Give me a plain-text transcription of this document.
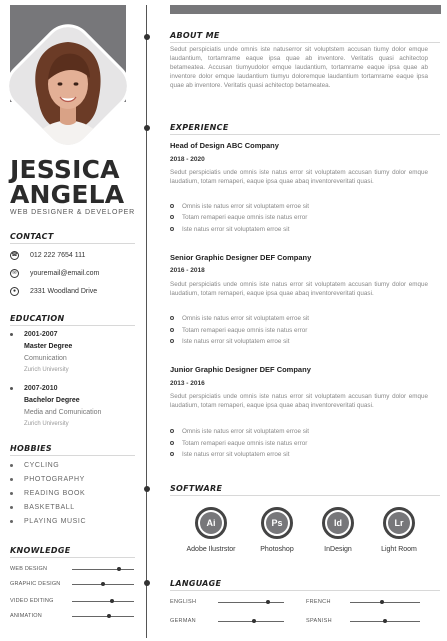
JESSICA
ANGELA
WEB DESIGNER & DEVELOPER
CONTACT
☎ 012 222 7654 111
✉	youremail@email.com
●	2331 Woodland Drive
EDUCATION
2001-2007
Master Degree
Comunication
Zurich University
2007-2010
Bachelor Degree
Media and Comunication
Zurich University
HOBBIES
CYCLING
PHOTOGRAPHY
READING BOOK
BASKETBALL
PLAYING MUSIC
KNOWLEDGE
WEB DESIGN
GRAPHIC DESIGN
VIDEO EDITING
ANIMATION
ABOUT ME
Sedut perspiciatis unde omnis iste natuserror sit voluptstem accusan tiumy dolor emque laudantium, tortamrame eaque ipsa quae ab inventore. Veritatis quasi achitectop betameatea. Accusan tiumyudolor emque laudantium, tortamrame eaque ipsa quae ab inventore dolor emque laudantium tiumyu doloremque laudantium tortamrame eaque ipsa quae ab inventore. Veritatis quasi achitectop betameatea.
EXPERIENCE
Head of Design ABC Company
2018 - 2020
Sedut perspiciatis unde omnis iste natus error sit voluptatem accusan tiumy dolor emque laudatium, totam remaperi, eaque ipsa quae abaq inventoreveritati quasi.
Omnis iste natus error sit voluptatem erroe sit
Totam remaperi eaque omnis iste natus error
Iste natus error sit voluptatem erroe sit
Senior Graphic Designer DEF Company
2016 - 2018
Sedut perspiciatis unde omnis iste natus error sit voluptatem accusan tiumy dolor emque laudatium, totam remaperi, eaque ipsa quae abaq inventoreveritati quasi.
Omnis iste natus error sit voluptatem erroe sit
Totam remaperi eaque omnis iste natus error
Iste natus error sit voluptatem erroe sit
Junior Graphic Designer DEF Company
2013 - 2016
Sedut perspiciatis unde omnis iste natus error sit voluptatem accusan tiumy dolor emque laudatium, totam remaperi, eaque ipsa quae abaq inventoreveritati quasi.
Omnis iste natus error sit voluptatem erroe sit
Totam remaperi eaque omnis iste natus error
Iste natus error sit voluptatem erroe sit
SOFTWARE
Ai
Adobe Ilustrstor
Ps
Photoshop
Id
InDesign
Lr
Light Room
LANGUAGE
ENGLISH	FRENCH
GERMAN	SPANISH
